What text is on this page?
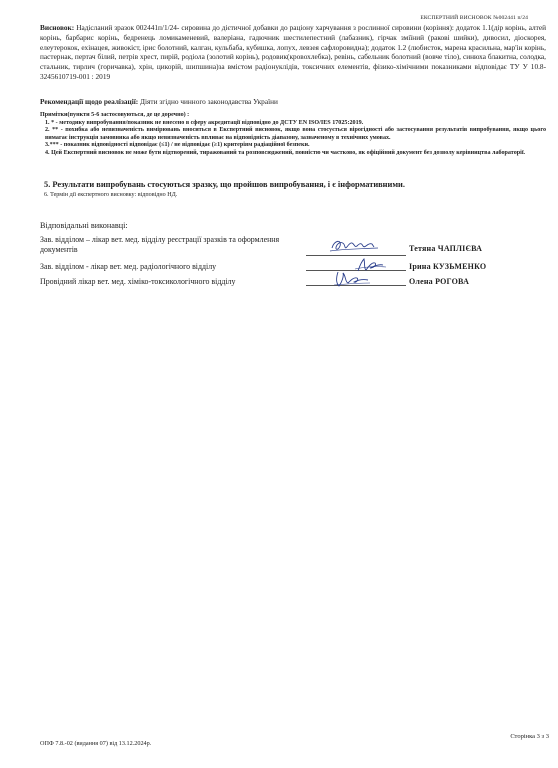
ЕКСПЕРТНИЙ ВИСНОВОК №002441 п/24
Висновок: Надісланий зразок 002441п/1/24- сировина до дієтичної добавки до раціону харчування з рослинної сировини (коріння): додаток 1.1(дір корінь, алтей корінь, барбарис корінь, бедренець ломикаменевий, валеріана, гадючник шестилепестний (лабазник), гірчак зміїний (ракові шийки), дивосил, діоскорея, елеутерокок, ехінацея, живокіст, ірис болотний, калган, кульбаба, кубишка, лопух, левзея сафлоровидна); додаток 1.2 (любисток, марена красильна, мар'ін корінь, пастернак, пертач білий, петрів хрест, пирій, родіола (золотий корінь), родовик(кровохлебка), ревінь, сабельник болотний (вовче тіло), синюха блакитна, солодка, стальник, тирлич (горичавка), хрін, цикорій, шипшина)за вмістом радіонуклідів, токсичних елементів, фізико-хімічними показниками відповідає ТУ У 10.8-3245610719-001 : 2019
Рекомендації щодо реалізації: Діяти згідно чинного законодавства України
Примітки(пункти 5-6 застосовуються, де це доречно) :
1. * - методику випробування/показник не внесено в сферу акредитації відповідно до ДСТУ EN ISO/IES 17025:2019.
2. ** - похибка або невизначеність вимірювань вноситься в Експертний висновок, якщо вона стосується вірогідності або застосування результатів випробування, якщо цього вимагає інструкція замовника або якщо невизначеність впливає на відповідність діапазону, зазначеному в технічних умовах.
3.*** - показник відповідності відповідає (≤1) / не відповідає (≥1) критеріям радіаційної безпеки.
4. Цей Експертний висновок не може бути відтворений, тиражований та розповсюджений, повністю чи частково, як офіційний документ без дозволу керівництва лабораторії.
5. Результати випробувань стосуються зразку, що пройшов випробування, і є інформативними.
6. Термін дії експертного висновку: відповідно НД.
Відповідальні виконавці:
Зав. відділом – лікар вет. мед. відділу реєстрації зразків та оформлення документів	Тетяна ЧАПЛІЄВА
Зав. відділом - лікар вет. мед. радіологічного відділу	Ірина КУЗЬМЕНКО
Провідний лікар вет. мед. хіміко-токсикологічного відділу	Олена РОГОВА
ОПФ 7.8.-02 (видання 07) від 13.12.2024р.
Сторінка 3 з 3
